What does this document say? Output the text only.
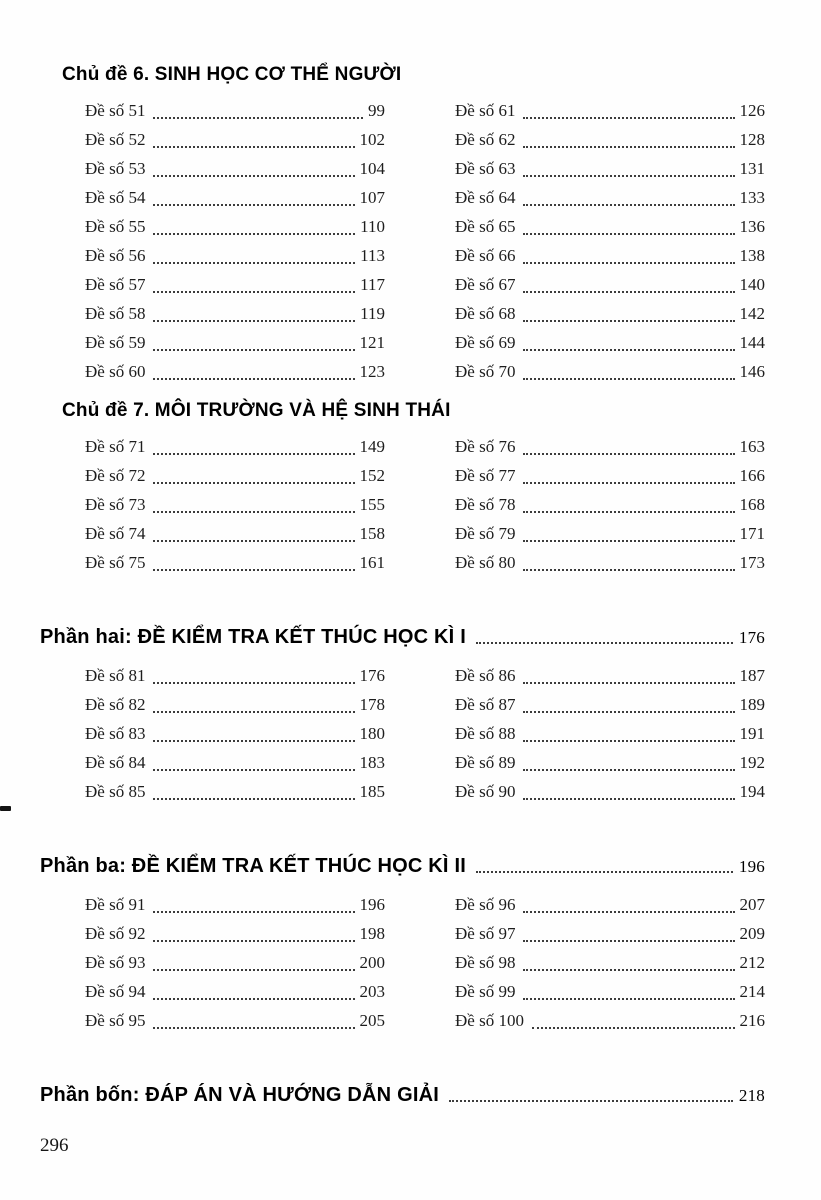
Chủ đề 6. SINH HỌC CƠ THỂ NGƯỜI
Đề số 51	99
Đề số 52	102
Đề số 53	104
Đề số 54	107
Đề số 55	110
Đề số 56	113
Đề số 57	117
Đề số 58	119
Đề số 59	121
Đề số 60	123
Đề số 61	126
Đề số 62	128
Đề số 63	131
Đề số 64	133
Đề số 65	136
Đề số 66	138
Đề số 67	140
Đề số 68	142
Đề số 69	144
Đề số 70	146
Chủ đề 7. MÔI TRƯỜNG VÀ HỆ SINH THÁI
Đề số 71	149
Đề số 72	152
Đề số 73	155
Đề số 74	158
Đề số 75	161
Đề số 76	163
Đề số 77	166
Đề số 78	168
Đề số 79	171
Đề số 80	173
Phần hai: ĐỀ KIỂM TRA KẾT THÚC HỌC KÌ I	176
Đề số 81	176
Đề số 82	178
Đề số 83	180
Đề số 84	183
Đề số 85	185
Đề số 86	187
Đề số 87	189
Đề số 88	191
Đề số 89	192
Đề số 90	194
Phần ba: ĐỀ KIỂM TRA KẾT THÚC HỌC KÌ II	196
Đề số 91	196
Đề số 92	198
Đề số 93	200
Đề số 94	203
Đề số 95	205
Đề số 96	207
Đề số 97	209
Đề số 98	212
Đề số 99	214
Đề số 100	216
Phần bốn: ĐÁP ÁN VÀ HƯỚNG DẪN GIẢI	218
296
